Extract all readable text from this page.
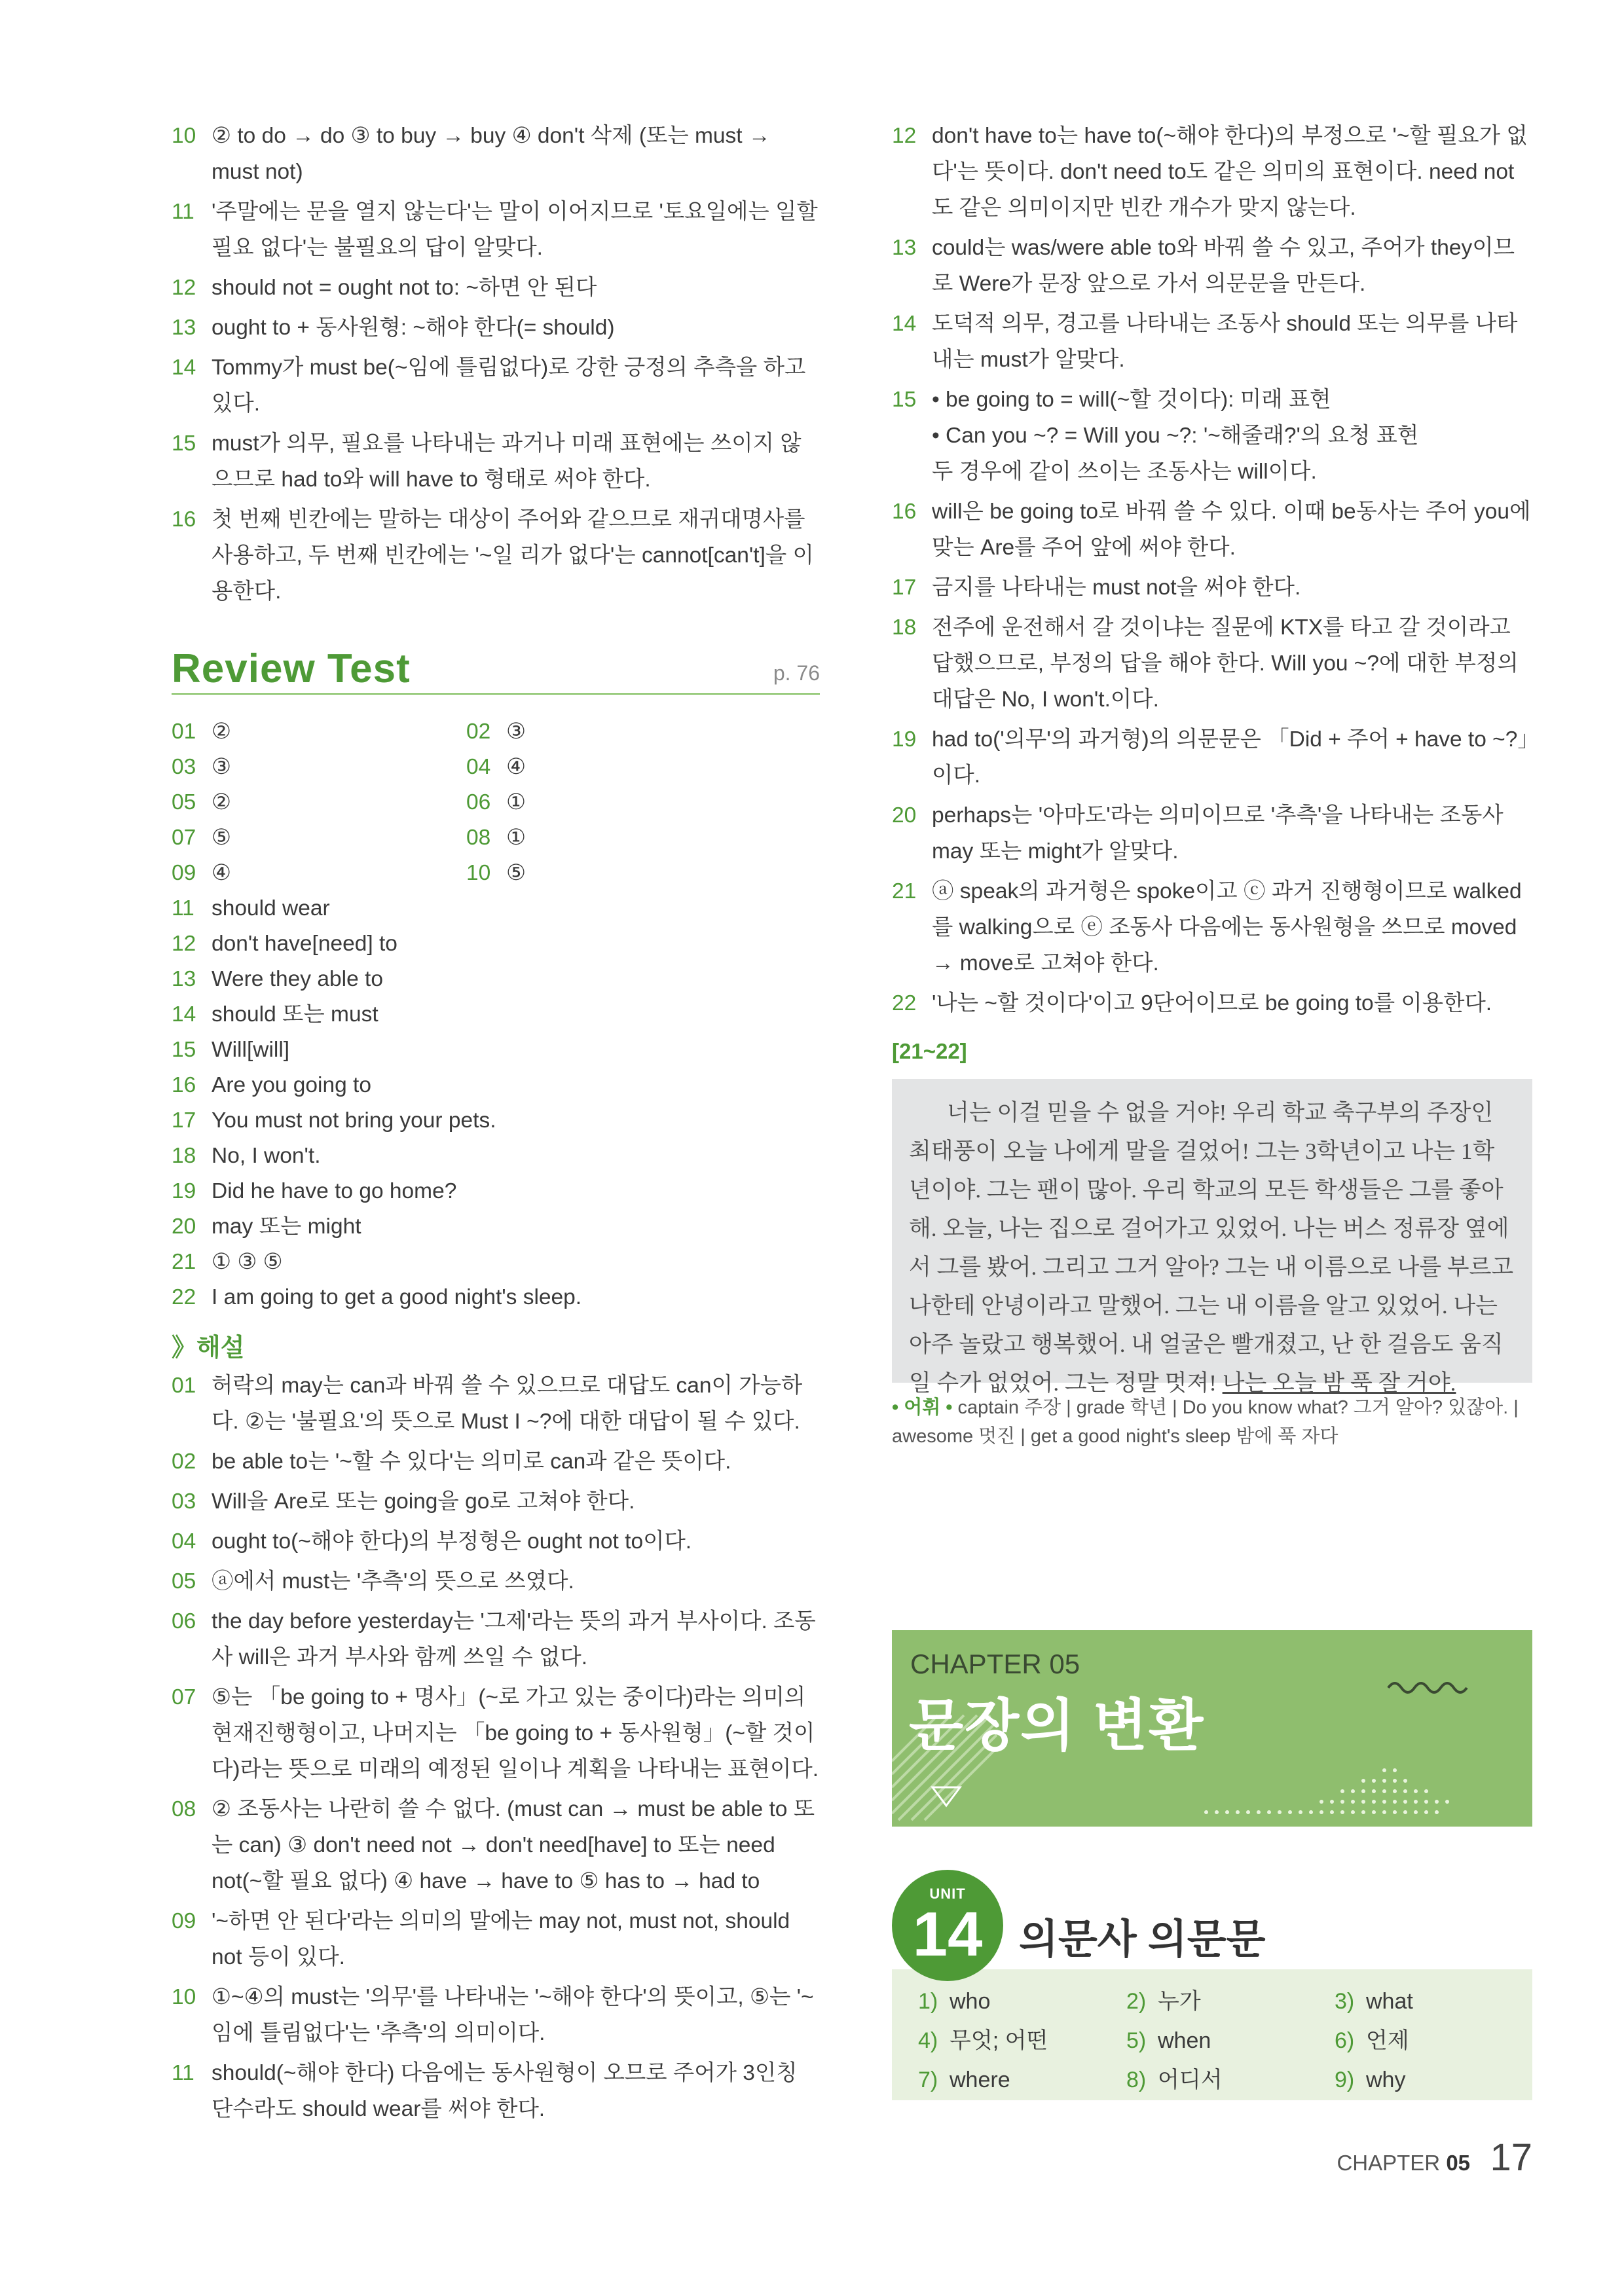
10 ② to do → do ③ to buy → buy ④ don't 삭제 (또는 must → must not)
11 '주말에는 문을 열지 않는다'는 말이 이어지므로 '토요일에는 일할 필요 없다'는 불필요의 답이 알맞다.
12 should not = ought not to: ~하면 안 된다
13 ought to + 동사원형: ~해야 한다(= should)
14 Tommy가 must be(~임에 틀림없다)로 강한 긍정의 추측을 하고 있다.
15 must가 의무, 필요를 나타내는 과거나 미래 표현에는 쓰이지 않으므로 had to와 will have to 형태로 써야 한다.
16 첫 번째 빈칸에는 말하는 대상이 주어와 같으므로 재귀대명사를 사용하고, 두 번째 빈칸에는 '~일 리가 없다'는 cannot[can't]을 이용한다.
Review Test	p. 76
01 ②	02 ③
03 ③	04 ④
05 ②	06 ①
07 ⑤	08 ①
09 ④	10 ⑤
11 should wear
12 don't have[need] to
13 Were they able to
14 should 또는 must
15 Will[will]
16 Are you going to
17 You must not bring your pets.
18 No, I won't.
19 Did he have to go home?
20 may 또는 might
21 ① ③ ⑤
22 I am going to get a good night's sleep.
》해설
01 허락의 may는 can과 바꿔 쓸 수 있으므로 대답도 can이 가능하다. ②는 '불필요'의 뜻으로 Must I ~?에 대한 대답이 될 수 있다.
02 be able to는 '~할 수 있다'는 의미로 can과 같은 뜻이다.
03 Will을 Are로 또는 going을 go로 고쳐야 한다.
04 ought to(~해야 한다)의 부정형은 ought not to이다.
05 ⓐ에서 must는 '추측'의 뜻으로 쓰였다.
06 the day before yesterday는 '그제'라는 뜻의 과거 부사이다. 조동사 will은 과거 부사와 함께 쓰일 수 없다.
07 ⑤는 「be going to + 명사」(~로 가고 있는 중이다)라는 의미의 현재진행형이고, 나머지는 「be going to + 동사원형」(~할 것이다)라는 뜻으로 미래의 예정된 일이나 계획을 나타내는 표현이다.
08 ② 조동사는 나란히 쓸 수 없다. (must can → must be able to 또는 can) ③ don't need not → don't need[have] to 또는 need not(~할 필요 없다) ④ have → have to ⑤ has to → had to
09 '~하면 안 된다'라는 의미의 말에는 may not, must not, should not 등이 있다.
10 ①~④의 must는 '의무'를 나타내는 '~해야 한다'의 뜻이고, ⑤는 '~임에 틀림없다'는 '추측'의 의미이다.
11 should(~해야 한다) 다음에는 동사원형이 오므로 주어가 3인칭 단수라도 should wear를 써야 한다.
12 don't have to는 have to(~해야 한다)의 부정으로 '~할 필요가 없다'는 뜻이다. don't need to도 같은 의미의 표현이다. need not도 같은 의미이지만 빈칸 개수가 맞지 않는다.
13 could는 was/were able to와 바꿔 쓸 수 있고, 주어가 they이므로 Were가 문장 앞으로 가서 의문문을 만든다.
14 도덕적 의무, 경고를 나타내는 조동사 should 또는 의무를 나타내는 must가 알맞다.
15 • be going to = will(~할 것이다): 미래 표현
• Can you ~? = Will you ~?: '~해줄래?'의 요청 표현
두 경우에 같이 쓰이는 조동사는 will이다.
16 will은 be going to로 바꿔 쓸 수 있다. 이때 be동사는 주어 you에 맞는 Are를 주어 앞에 써야 한다.
17 금지를 나타내는 must not을 써야 한다.
18 전주에 운전해서 갈 것이냐는 질문에 KTX를 타고 갈 것이라고 답했으므로, 부정의 답을 해야 한다. Will you ~?에 대한 부정의 대답은 No, I won't.이다.
19 had to('의무'의 과거형)의 의문문은 「Did + 주어 + have to ~?」이다.
20 perhaps는 '아마도'라는 의미이므로 '추측'을 나타내는 조동사 may 또는 might가 알맞다.
21 ⓐ speak의 과거형은 spoke이고 ⓒ 과거 진행형이므로 walked를 walking으로 ⓔ 조동사 다음에는 동사원형을 쓰므로 moved → move로 고쳐야 한다.
22 '나는 ~할 것이다'이고 9단어이므로 be going to를 이용한다.
[21~22]
너는 이걸 믿을 수 없을 거야! 우리 학교 축구부의 주장인 최태풍이 오늘 나에게 말을 걸었어! 그는 3학년이고 나는 1학년이야. 그는 팬이 많아. 우리 학교의 모든 학생들은 그를 좋아해. 오늘, 나는 집으로 걸어가고 있었어. 나는 버스 정류장 옆에서 그를 봤어. 그리고 그거 알아? 그는 내 이름으로 나를 부르고 나한테 안녕이라고 말했어. 그는 내 이름을 알고 있었어. 나는 아주 놀랐고 행복했어. 내 얼굴은 빨개졌고, 난 한 걸음도 움직일 수가 없었어. 그는 정말 멋져! 나는 오늘 밤 푹 잘 거야.
• 어휘 • captain 주장 | grade 학년 | Do you know what? 그거 알아? 있잖아. | awesome 멋진 | get a good night's sleep 밤에 푹 자다
CHAPTER 05
문장의 변환
1) who	2) 누가	3) what
4) 무엇; 어떤	5) when	6) 언제
7) where	8) 어디서	9) why
UNIT
14 의문사 의문문
CHAPTER 05 17
